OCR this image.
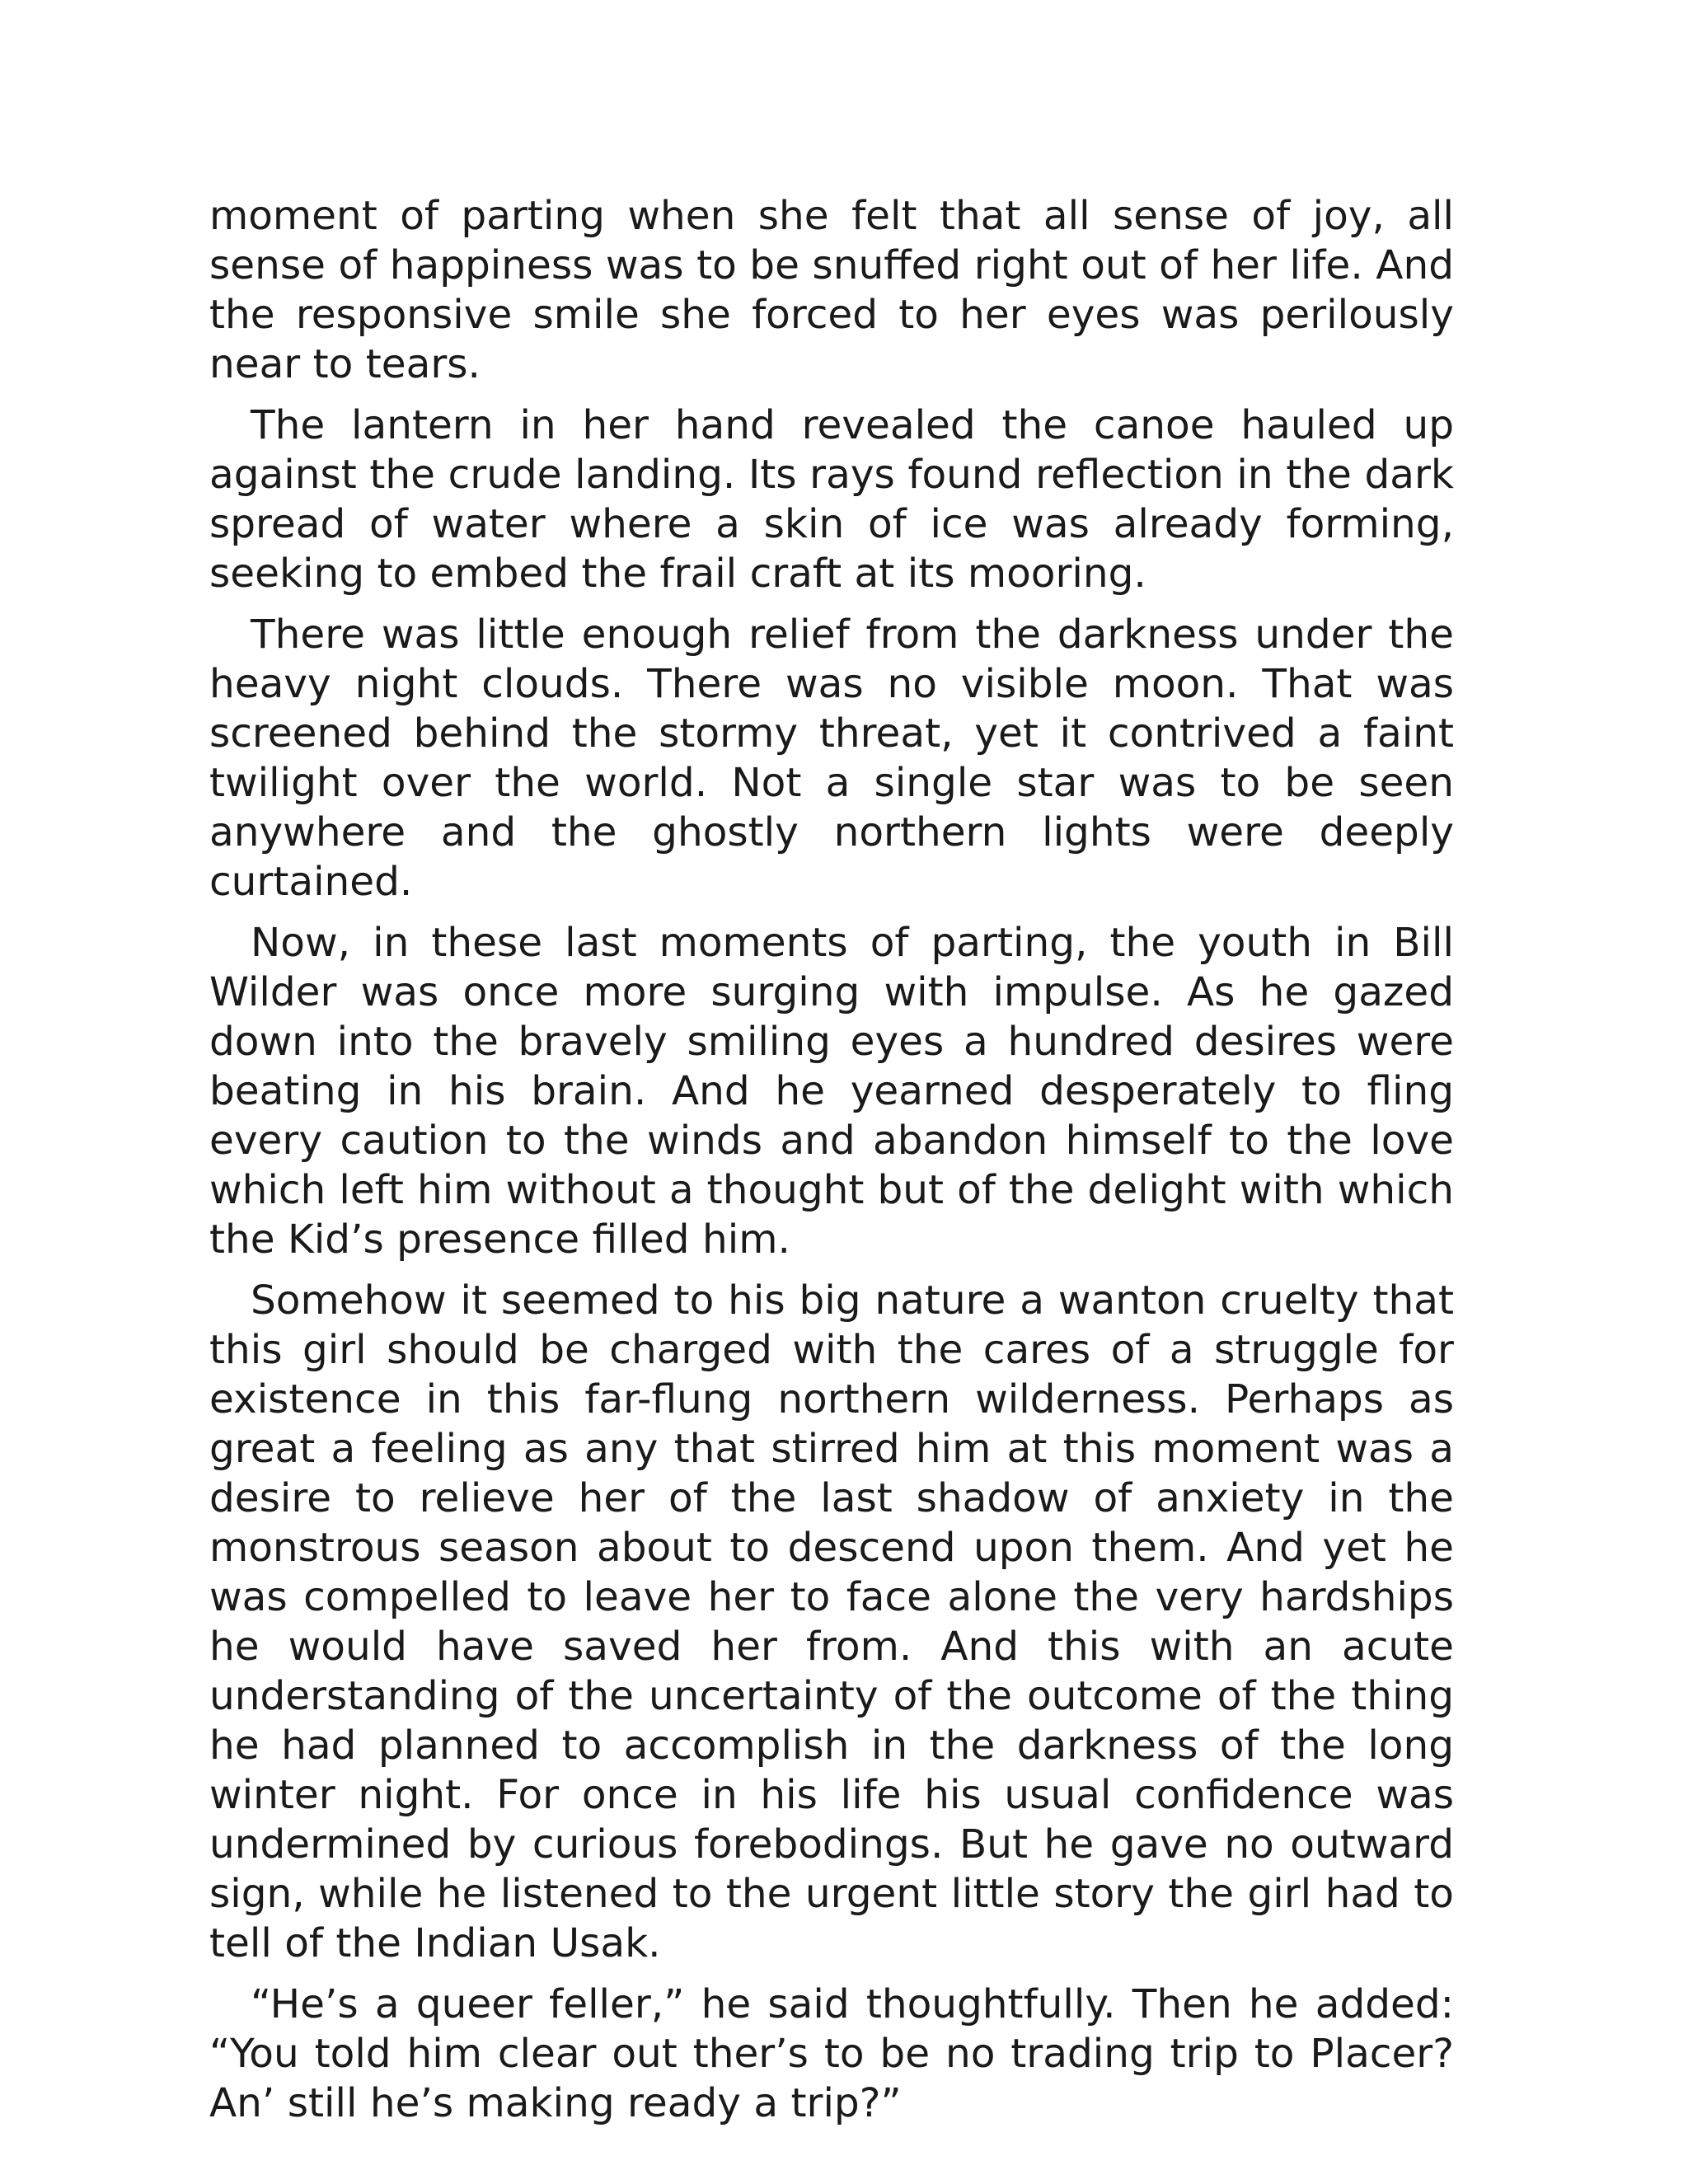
moment of parting when she felt that all sense of joy, all sense of happiness was to be snuffed right out of her life. And the responsive smile she forced to her eyes was perilously near to tears.

The lantern in her hand revealed the canoe hauled up against the crude landing. Its rays found reflection in the dark spread of water where a skin of ice was already forming, seeking to embed the frail craft at its mooring.

There was little enough relief from the darkness under the heavy night clouds. There was no visible moon. That was screened behind the stormy threat, yet it contrived a faint twilight over the world. Not a single star was to be seen anywhere and the ghostly northern lights were deeply curtained.

Now, in these last moments of parting, the youth in Bill Wilder was once more surging with impulse. As he gazed down into the bravely smiling eyes a hundred desires were beating in his brain. And he yearned desperately to fling every caution to the winds and abandon himself to the love which left him without a thought but of the delight with which the Kid’s presence filled him.

Somehow it seemed to his big nature a wanton cruelty that this girl should be charged with the cares of a struggle for existence in this far-flung northern wilderness. Perhaps as great a feeling as any that stirred him at this moment was a desire to relieve her of the last shadow of anxiety in the monstrous season about to descend upon them. And yet he was compelled to leave her to face alone the very hardships he would have saved her from. And this with an acute understanding of the uncertainty of the outcome of the thing he had planned to accomplish in the darkness of the long winter night. For once in his life his usual confidence was undermined by curious forebodings. But he gave no outward sign, while he listened to the urgent little story the girl had to tell of the Indian Usak.

“He’s a queer feller,” he said thoughtfully. Then he added: “You told him clear out ther’s to be no trading trip to Placer? An’ still he’s making ready a trip?”
